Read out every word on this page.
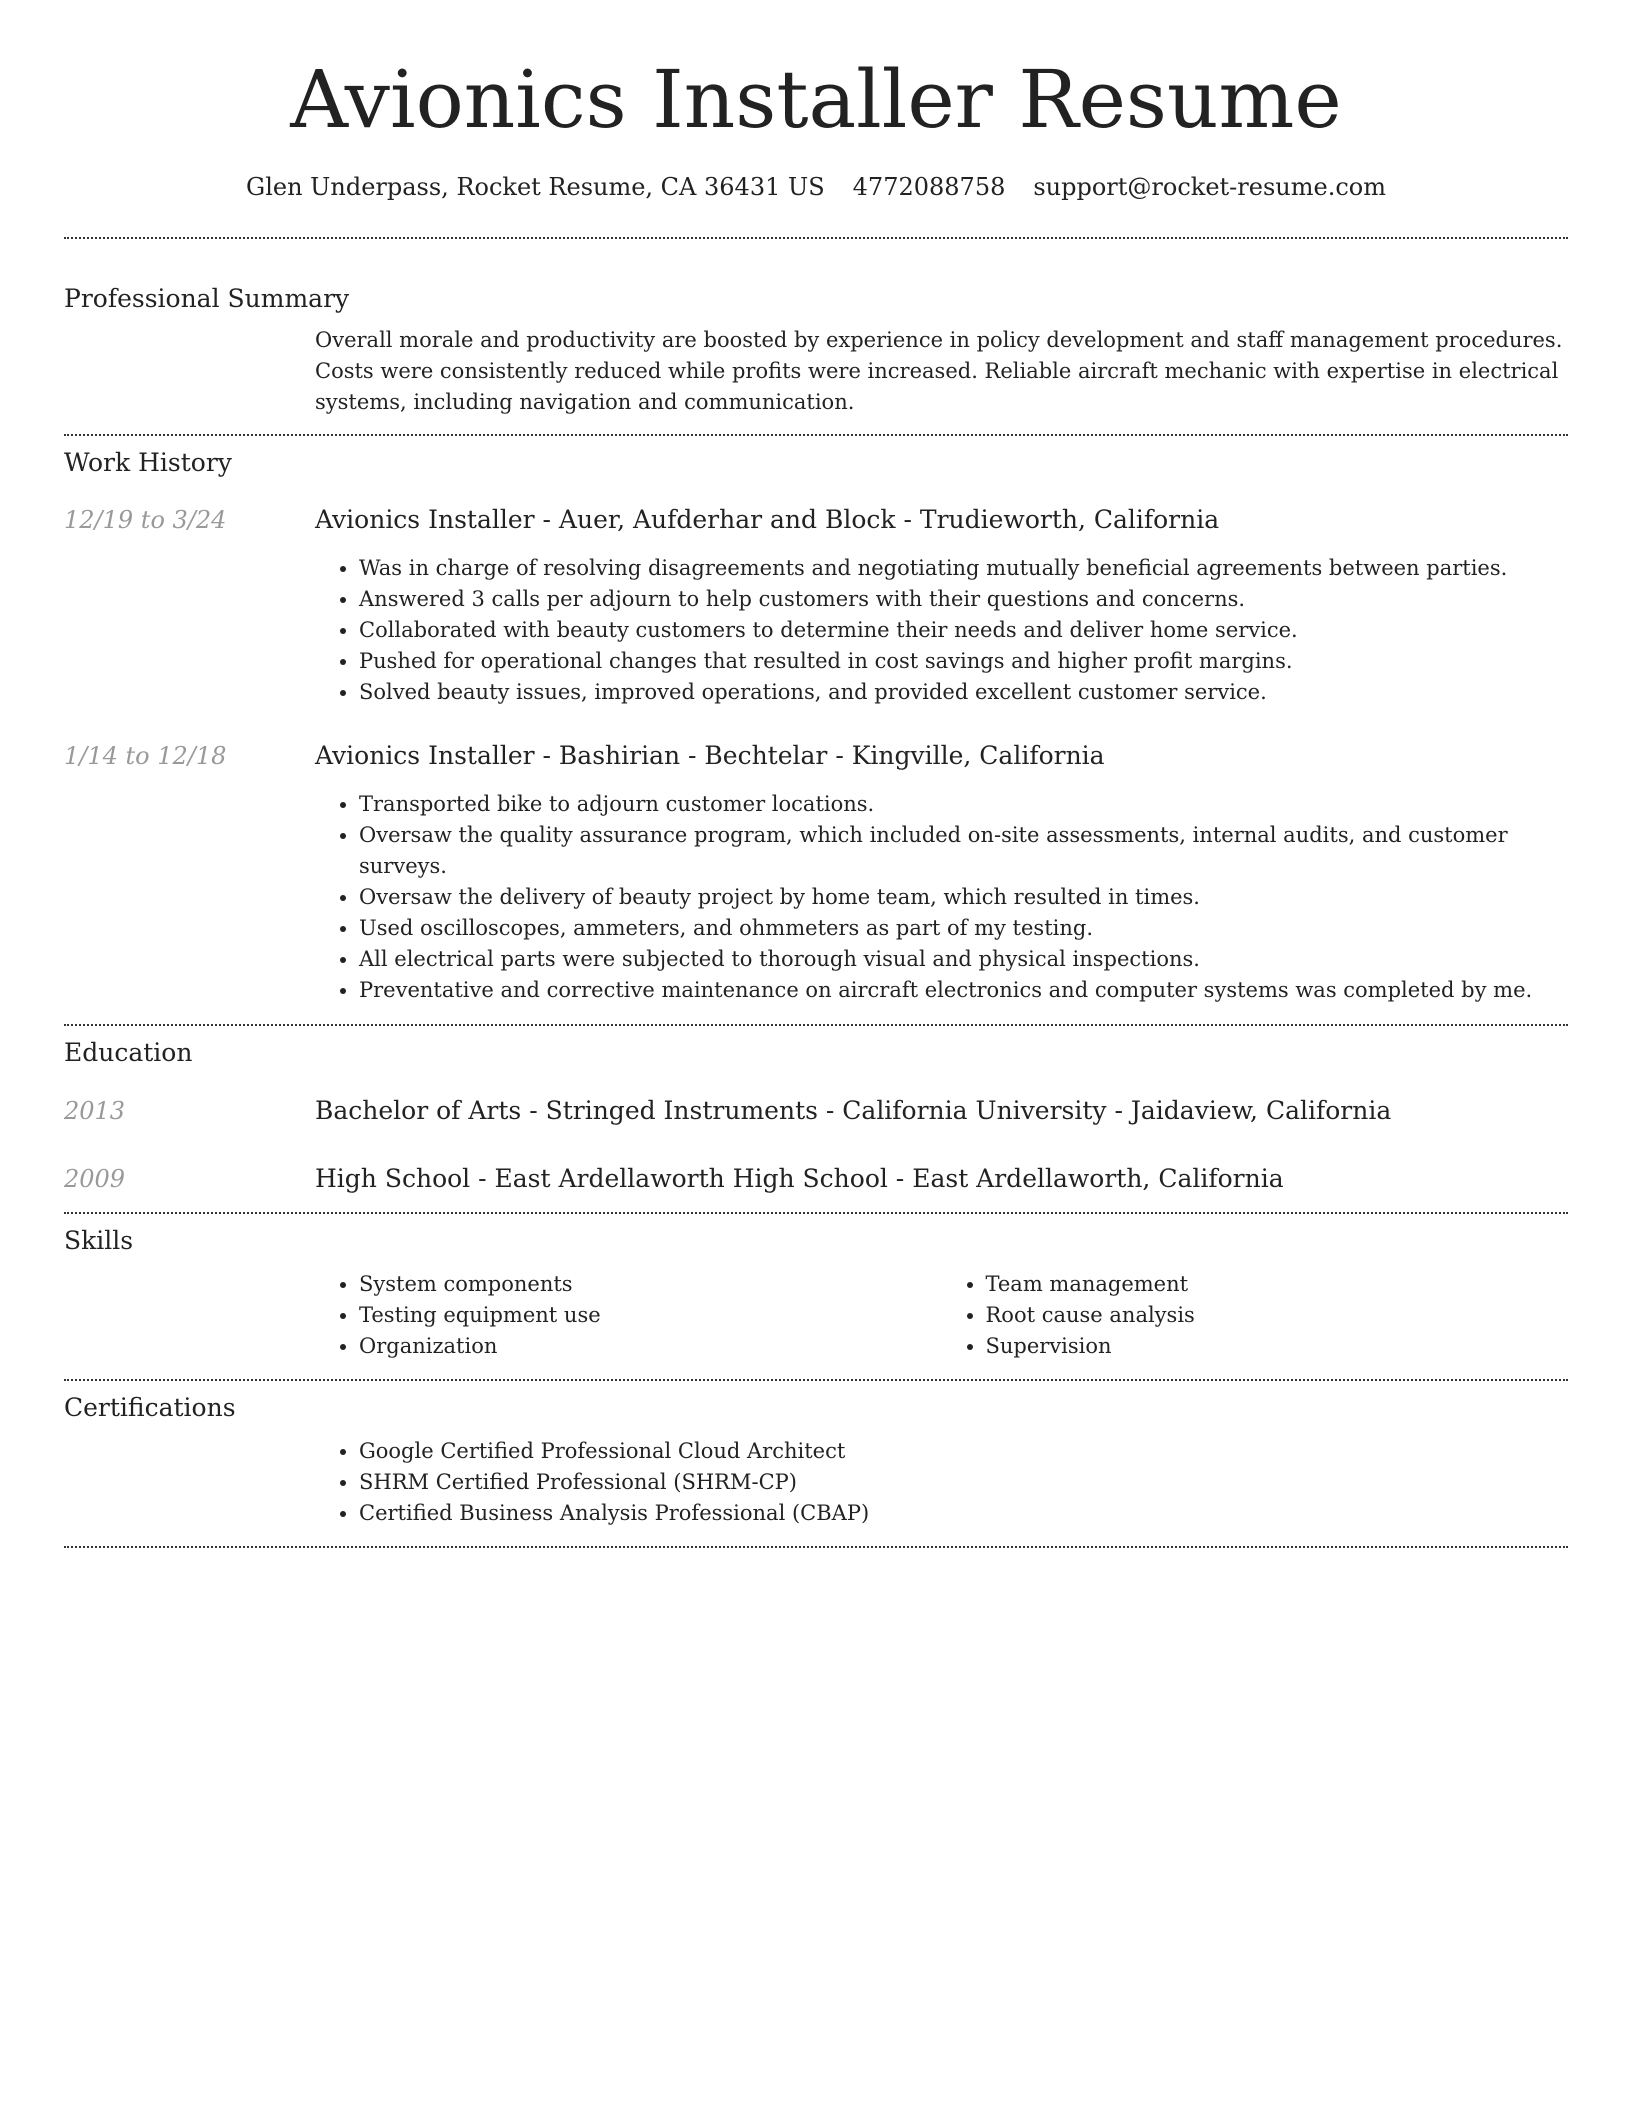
Avionics Installer Resume
Glen Underpass, Rocket Resume, CA 36431 US 4772088758 support@rocket-resume.com
Professional Summary
Overall morale and productivity are boosted by experience in policy development and staff management procedures. Costs were consistently reduced while profits were increased. Reliable aircraft mechanic with expertise in electrical systems, including navigation and communication.
Work History
12/19 to 3/24	Avionics Installer - Auer, Aufderhar and Block - Trudieworth, California
• Was in charge of resolving disagreements and negotiating mutually beneficial agreements between parties.
• Answered 3 calls per adjourn to help customers with their questions and concerns.
• Collaborated with beauty customers to determine their needs and deliver home service.
• Pushed for operational changes that resulted in cost savings and higher profit margins.
• Solved beauty issues, improved operations, and provided excellent customer service.
1/14 to 12/18	Avionics Installer - Bashirian - Bechtelar - Kingville, California
• Transported bike to adjourn customer locations.
• Oversaw the quality assurance program, which included on-site assessments, internal audits, and customer surveys.
• Oversaw the delivery of beauty project by home team, which resulted in times.
• Used oscilloscopes, ammeters, and ohmmeters as part of my testing.
• All electrical parts were subjected to thorough visual and physical inspections.
• Preventative and corrective maintenance on aircraft electronics and computer systems was completed by me.
Education
2013	Bachelor of Arts - Stringed Instruments - California University - Jaidaview, California
2009	High School - East Ardellaworth High School - East Ardellaworth, California
Skills
• System components
• Testing equipment use
• Organization
• Team management
• Root cause analysis
• Supervision
Certifications
• Google Certified Professional Cloud Architect
• SHRM Certified Professional (SHRM-CP)
• Certified Business Analysis Professional (CBAP)
